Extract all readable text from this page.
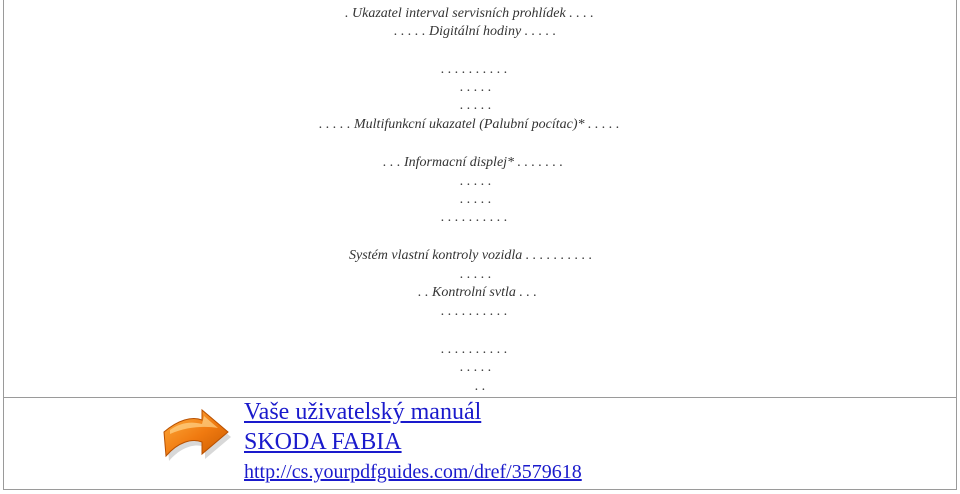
. Ukazatel interval servisních prohlídek . . . .
. . . . . Digitální hodiny . . . . .
. . . . . . . . . .
. . . . .
. . . . .
. . . . . Multifunkcní ukazatel (Palubní pocítac)* . . . . .
. . . Informacní displej* . . . . . . .
. . . . .
. . . . .
. . . . . . . . . .
Systém vlastní kontroly vozidla . . . . . . . . . .
. . . . .
. . Kontrolní svtla . . .
. . . . . . . . . .
. . . . . . . . . .
. . . . .
. .
Vaše uživatelský manuál
SKODA FABIA
http://cs.yourpdfguides.com/dref/3579618
